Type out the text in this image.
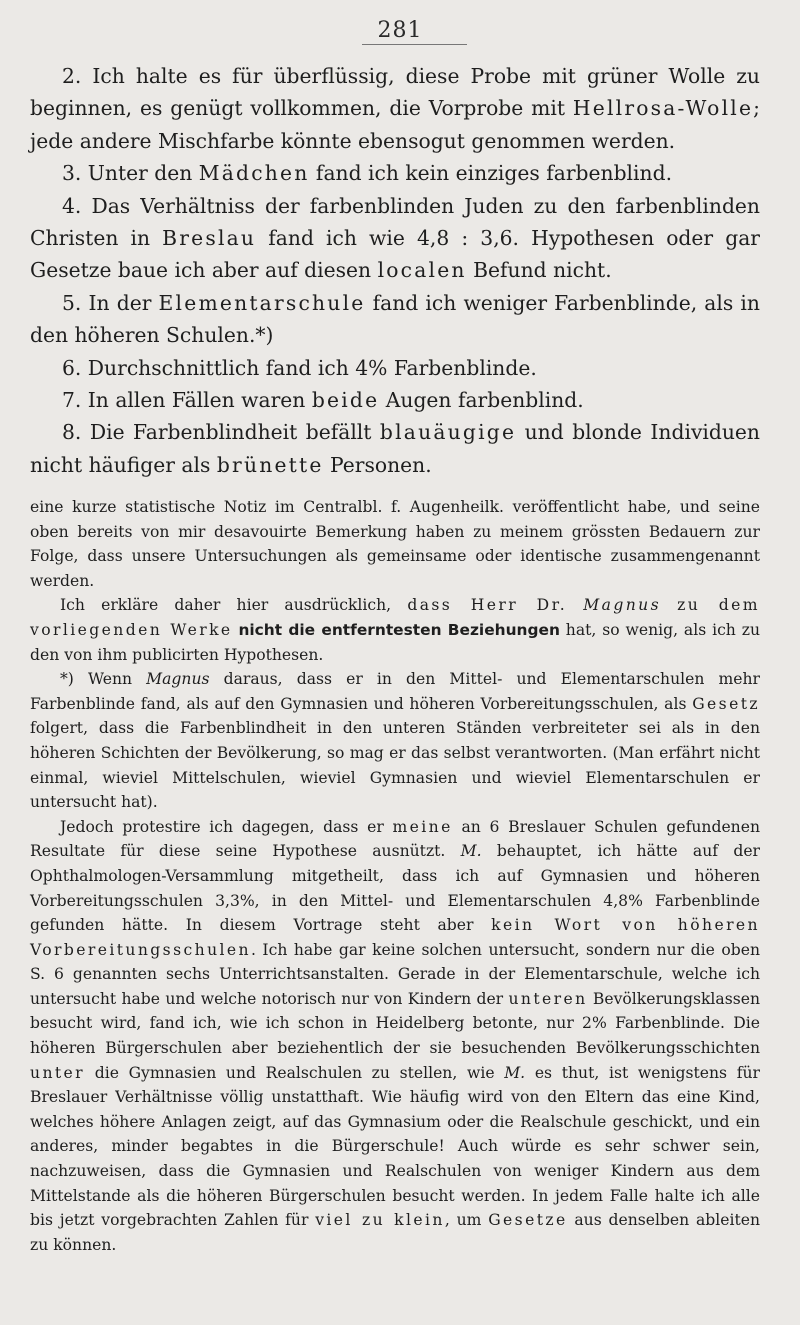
281

2. Ich halte es für überflüssig, diese Probe mit grüner Wolle zu beginnen, es genügt vollkommen, die Vorprobe mit Hellrosa-Wolle; jede andere Mischfarbe könnte ebensogut genommen werden.

3. Unter den Mädchen fand ich kein einziges farbenblind.

4. Das Verhältniss der farbenblinden Juden zu den farbenblinden Christen in Breslau fand ich wie 4,8 : 3,6. Hypothesen oder gar Gesetze baue ich aber auf diesen localen Befund nicht.

5. In der Elementarschule fand ich weniger Farbenblinde, als in den höheren Schulen.*)

6. Durchschnittlich fand ich 4% Farbenblinde.

7. In allen Fällen waren beide Augen farbenblind.

8. Die Farbenblindheit befällt blauäugige und blonde Individuen nicht häufiger als brünette Personen.

eine kurze statistische Notiz im Centralbl. f. Augenheilk. veröffentlicht habe, und seine oben bereits von mir desavouirte Bemerkung haben zu meinem grössten Bedauern zur Folge, dass unsere Untersuchungen als gemeinsame oder identische zusammengenannt werden.

Ich erkläre daher hier ausdrücklich, dass Herr Dr. Magnus zu dem vorliegenden Werke nicht die entferntesten Beziehungen hat, so wenig, als ich zu den von ihm publicirten Hypothesen.

*) Wenn Magnus daraus, dass er in den Mittel- und Elementarschulen mehr Farbenblinde fand, als auf den Gymnasien und höheren Vorbereitungsschulen, als Gesetz folgert, dass die Farbenblindheit in den unteren Ständen verbreiteter sei als in den höheren Schichten der Bevölkerung, so mag er das selbst verantworten. (Man erfährt nicht einmal, wieviel Mittelschulen, wieviel Gymnasien und wieviel Elementarschulen er untersucht hat).

Jedoch protestire ich dagegen, dass er meine an 6 Breslauer Schulen gefundenen Resultate für diese seine Hypothese ausnützt. M. behauptet, ich hätte auf der Ophthalmologen-Versammlung mitgetheilt, dass ich auf Gymnasien und höheren Vorbereitungsschulen 3,3%, in den Mittel- und Elementarschulen 4,8% Farbenblinde gefunden hätte. In diesem Vortrage steht aber kein Wort von höheren Vorbereitungsschulen. Ich habe gar keine solchen untersucht, sondern nur die oben S. 6 genannten sechs Unterrichtsanstalten. Gerade in der Elementarschule, welche ich untersucht habe und welche notorisch nur von Kindern der unteren Bevölkerungsklassen besucht wird, fand ich, wie ich schon in Heidelberg betonte, nur 2% Farbenblinde. Die höheren Bürgerschulen aber beziehentlich der sie besuchenden Bevölkerungsschichten unter die Gymnasien und Realschulen zu stellen, wie M. es thut, ist wenigstens für Breslauer Verhältnisse völlig unstatthaft. Wie häufig wird von den Eltern das eine Kind, welches höhere Anlagen zeigt, auf das Gymnasium oder die Realschule geschickt, und ein anderes, minder begabtes in die Bürgerschule! Auch würde es sehr schwer sein, nachzuweisen, dass die Gymnasien und Realschulen von weniger Kindern aus dem Mittelstande als die höheren Bürgerschulen besucht werden. In jedem Falle halte ich alle bis jetzt vorgebrachten Zahlen für viel zu klein, um Gesetze aus denselben ableiten zu können.
